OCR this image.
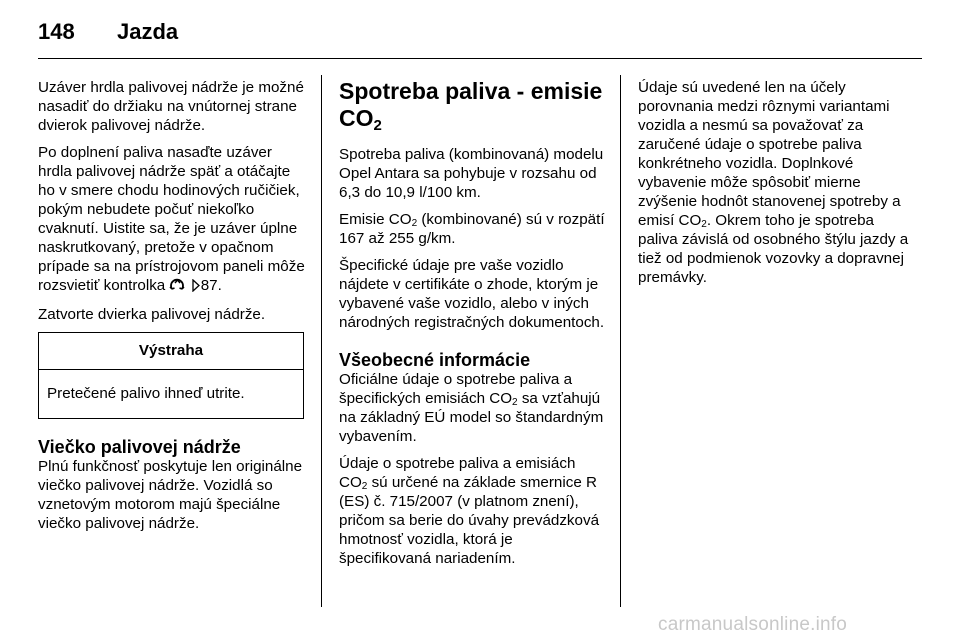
148 Jazda

Uzáver hrdla palivovej nádrže je možné nasadiť do držiaku na vnútornej strane dvierok palivovej nádrže.

Po doplnení paliva nasaďte uzáver hrdla palivovej nádrže späť a otáčajte ho v smere chodu hodinových ručičiek, pokým nebudete počuť niekoľko cvaknutí. Uistite sa, že je uzáver úplne naskrutkovaný, pretože v opačnom prípade sa na prístrojovom paneli môže rozsvietiť kontrolka 87.

Zatvorte dvierka palivovej nádrže.

Výstraha
Pretečené palivo ihneď utrite.
Viečko palivovej nádrže

Plnú funkčnosť poskytuje len originálne viečko palivovej nádrže. Vozidlá so vznetovým motorom majú špeciálne viečko palivovej nádrže.

Spotreba paliva - emisie CO2

Spotreba paliva (kombinovaná) modelu Opel Antara sa pohybuje v rozsahu od 6,3 do 10,9 l/100 km.

Emisie $CO_2$ (kombinované) sú v rozpätí 167 až 255 g/km.

Špecifické údaje pre vaše vozidlo nájdete v certifikáte o zhode, ktorým je vybavené vaše vozidlo, alebo v iných národných registračných dokumentoch.

Všeobecné informácie

Oficiálne údaje o spotrebe paliva a špecifických emisiách $CO_2$ sa vzťahujú na základný EÚ model so štandardným vybavením.

Údaje o spotrebe paliva a emisiách $CO_2$ sú určené na základe smernice R (ES) č. 715/2007 (v platnom znení), pričom sa berie do úvahy prevádzková hmotnosť vozidla, ktorá je špecifikovaná nariadením.

Údaje sú uvedené len na účely porovnania medzi rôznymi variantami vozidla a nesmú sa považovať za zaručené údaje o spotrebe paliva konkrétneho vozidla. Doplnkové vybavenie môže spôsobiť mierne zvýšenie hodnôt stanovenej spotreby a emisí $CO_2$. Okrem toho je spotreba paliva závislá od osobného štýlu jazdy a tiež od podmienok vozovky a dopravnej premávky.

carmanualsonline.info
